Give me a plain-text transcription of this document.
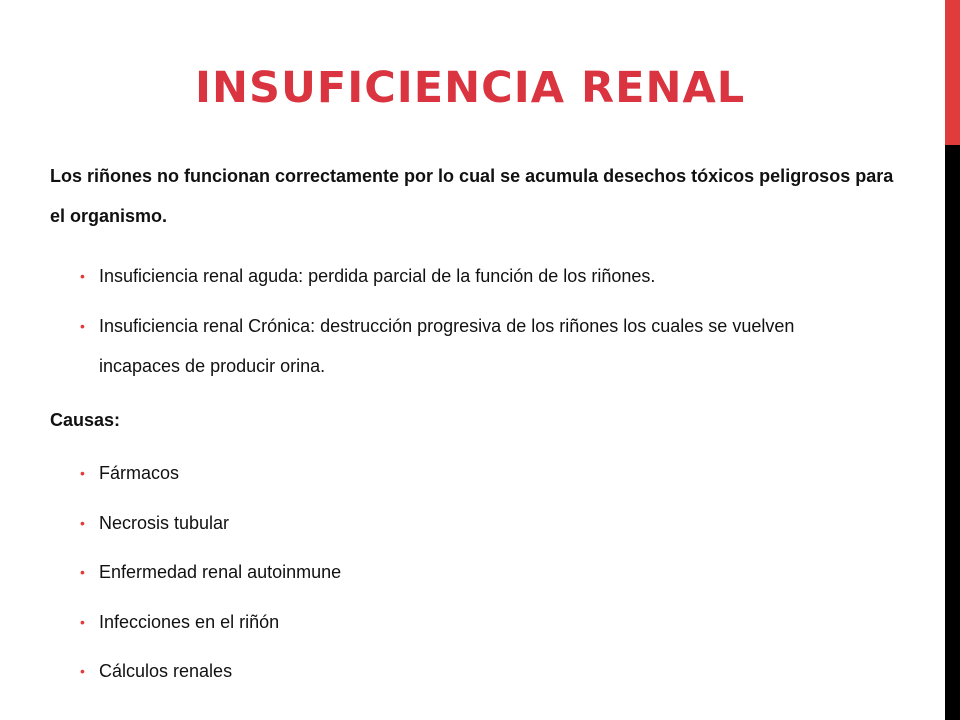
INSUFICIENCIA RENAL

Los riñones no funcionan correctamente por lo cual se acumula desechos tóxicos peligrosos para el organismo.

• Insuficiencia renal aguda: perdida parcial de la función de los riñones.
• Insuficiencia renal Crónica: destrucción progresiva de los riñones los cuales se vuelven incapaces de producir orina.

Causas:

• Fármacos
• Necrosis tubular
• Enfermedad renal autoinmune
• Infecciones en el riñón
• Cálculos renales
